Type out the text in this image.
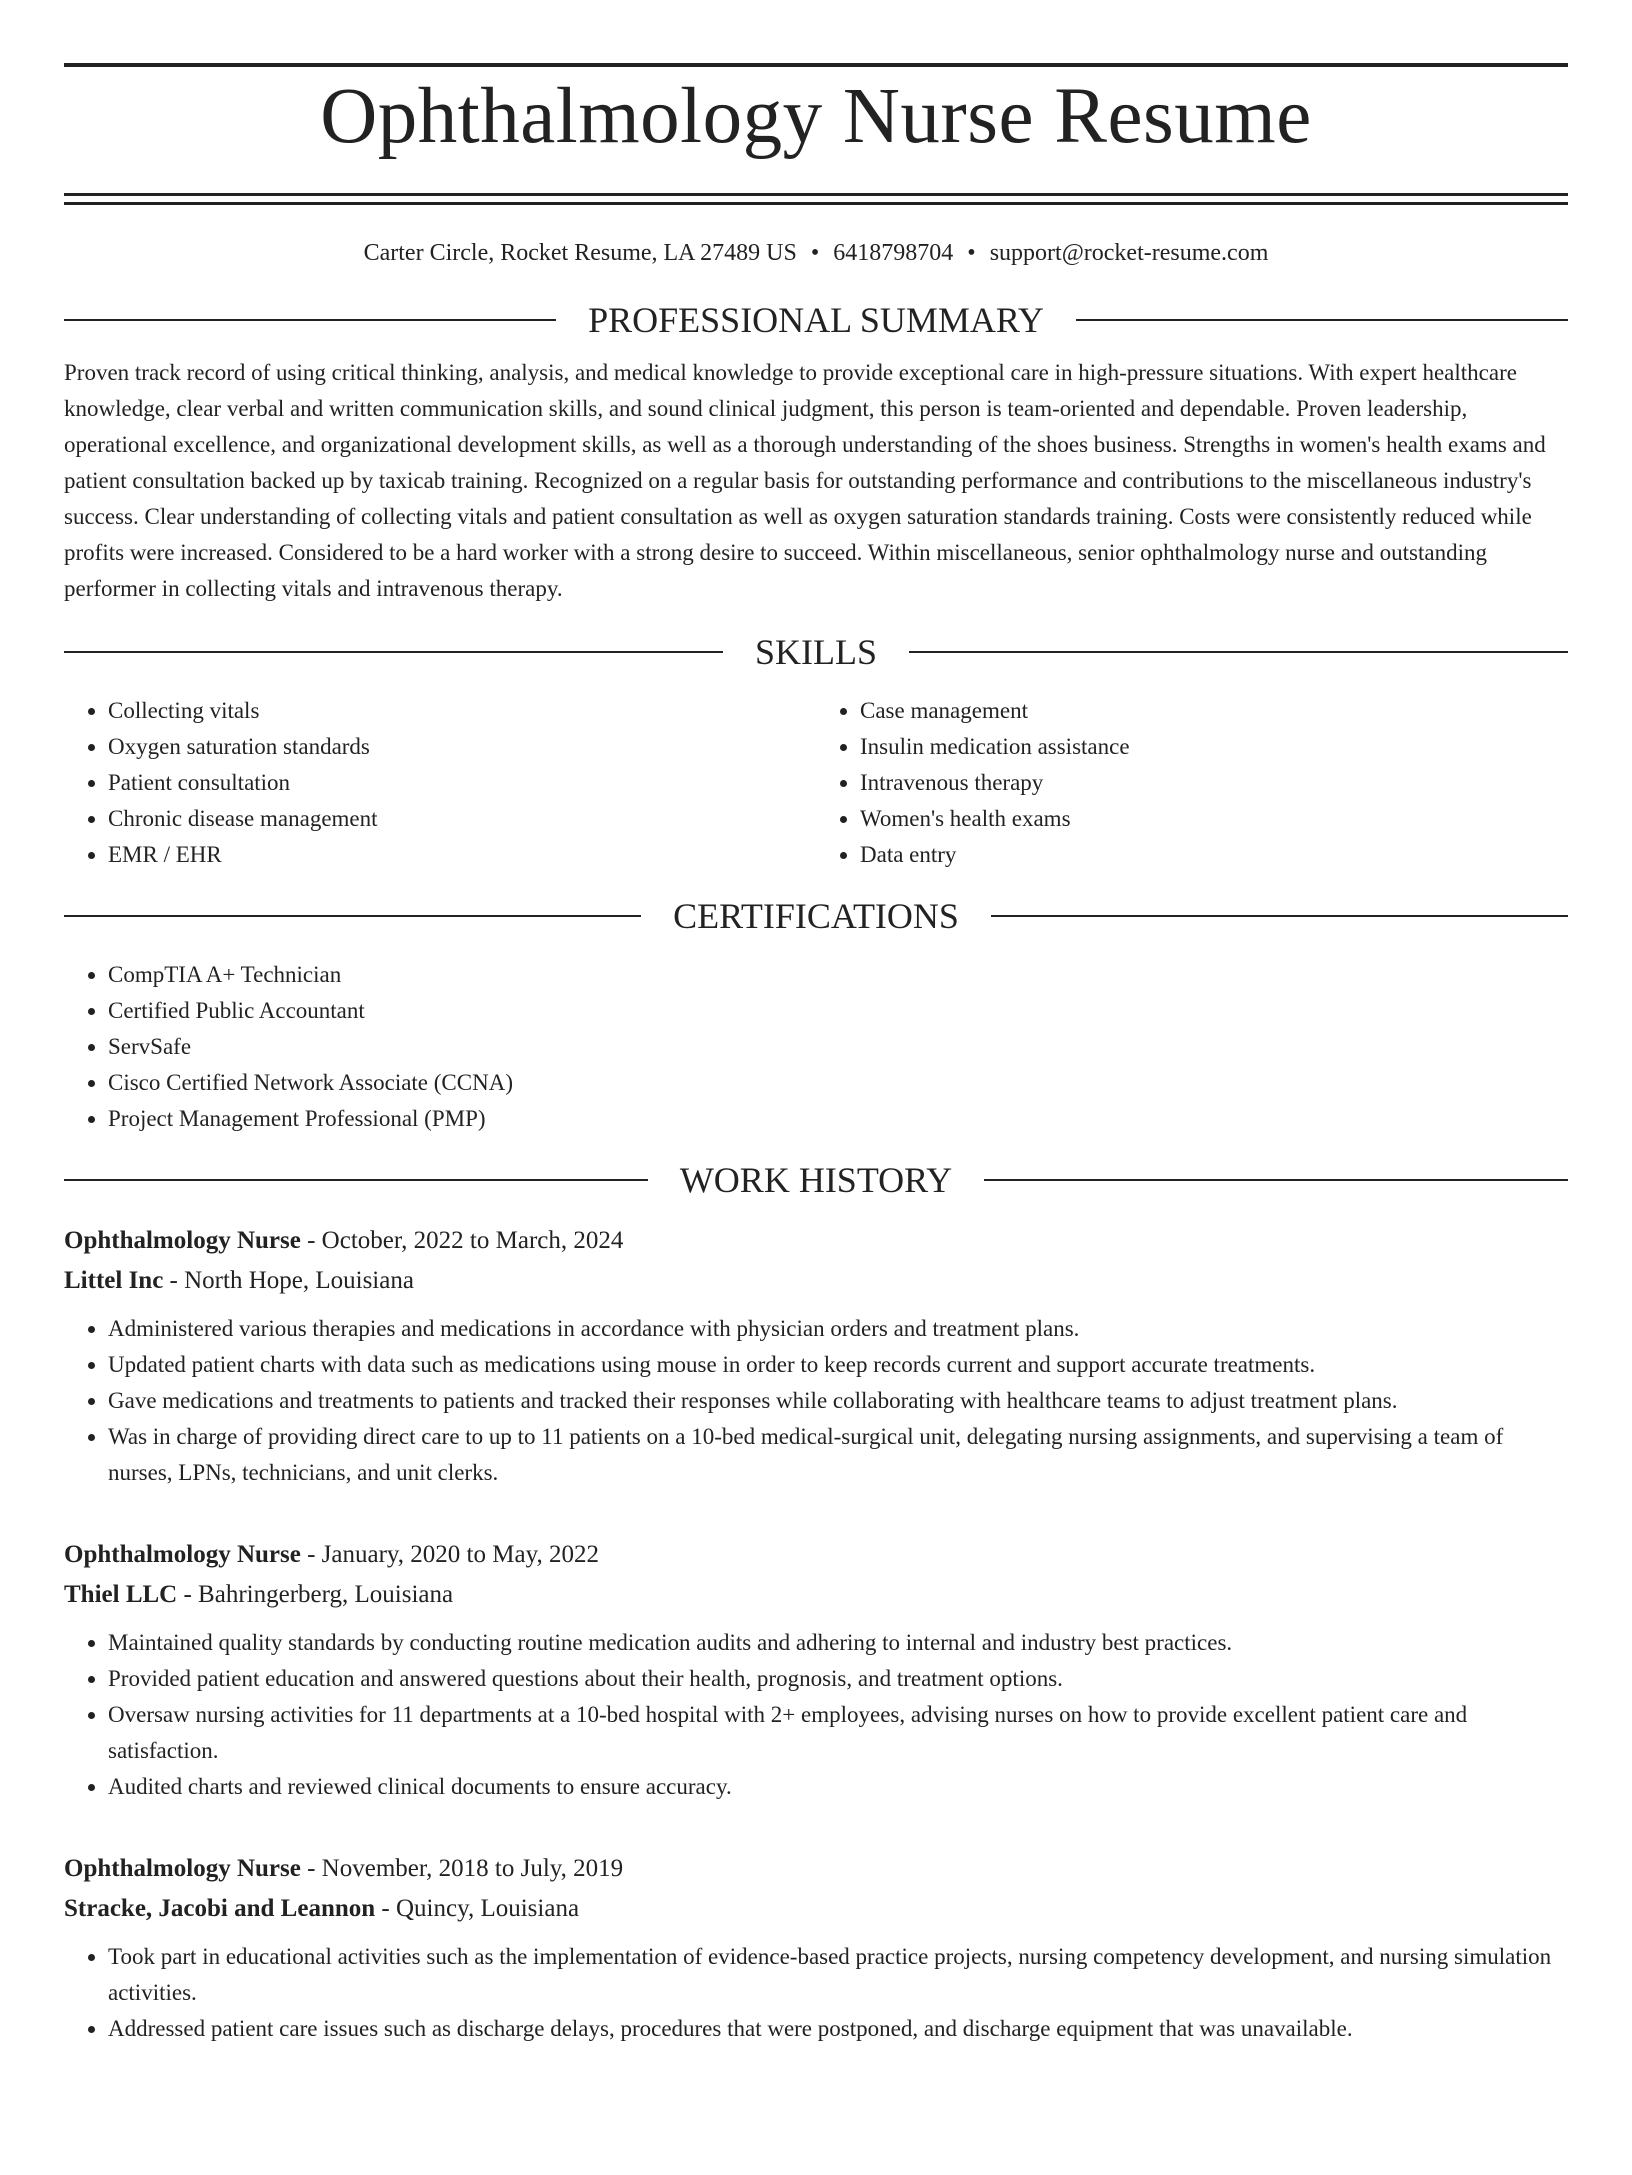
Ophthalmology Nurse Resume
Carter Circle, Rocket Resume, LA 27489 US • 6418798704 • support@rocket-resume.com
PROFESSIONAL SUMMARY

Proven track record of using critical thinking, analysis, and medical knowledge to provide exceptional care in high-pressure situations. With expert healthcare knowledge, clear verbal and written communication skills, and sound clinical judgment, this person is team-oriented and dependable. Proven leadership, operational excellence, and organizational development skills, as well as a thorough understanding of the shoes business. Strengths in women's health exams and patient consultation backed up by taxicab training. Recognized on a regular basis for outstanding performance and contributions to the miscellaneous industry's success. Clear understanding of collecting vitals and patient consultation as well as oxygen saturation standards training. Costs were consistently reduced while profits were increased. Considered to be a hard worker with a strong desire to succeed. Within miscellaneous, senior ophthalmology nurse and outstanding performer in collecting vitals and intravenous therapy.

SKILLS
• Collecting vitals
• Oxygen saturation standards
• Patient consultation
• Chronic disease management
• EMR / EHR
• Case management
• Insulin medication assistance
• Intravenous therapy
• Women's health exams
• Data entry
CERTIFICATIONS
• CompTIA A+ Technician
• Certified Public Accountant
• ServSafe
• Cisco Certified Network Associate (CCNA)
• Project Management Professional (PMP)
WORK HISTORY
Ophthalmology Nurse - October, 2022 to March, 2024
Littel Inc - North Hope, Louisiana
• Administered various therapies and medications in accordance with physician orders and treatment plans.
• Updated patient charts with data such as medications using mouse in order to keep records current and support accurate treatments.
• Gave medications and treatments to patients and tracked their responses while collaborating with healthcare teams to adjust treatment plans.
• Was in charge of providing direct care to up to 11 patients on a 10-bed medical-surgical unit, delegating nursing assignments, and supervising a team of nurses, LPNs, technicians, and unit clerks.
Ophthalmology Nurse - January, 2020 to May, 2022
Thiel LLC - Bahringerberg, Louisiana
• Maintained quality standards by conducting routine medication audits and adhering to internal and industry best practices.
• Provided patient education and answered questions about their health, prognosis, and treatment options.
• Oversaw nursing activities for 11 departments at a 10-bed hospital with 2+ employees, advising nurses on how to provide excellent patient care and satisfaction.
• Audited charts and reviewed clinical documents to ensure accuracy.
Ophthalmology Nurse - November, 2018 to July, 2019
Stracke, Jacobi and Leannon - Quincy, Louisiana
• Took part in educational activities such as the implementation of evidence-based practice projects, nursing competency development, and nursing simulation activities.
• Addressed patient care issues such as discharge delays, procedures that were postponed, and discharge equipment that was unavailable.
